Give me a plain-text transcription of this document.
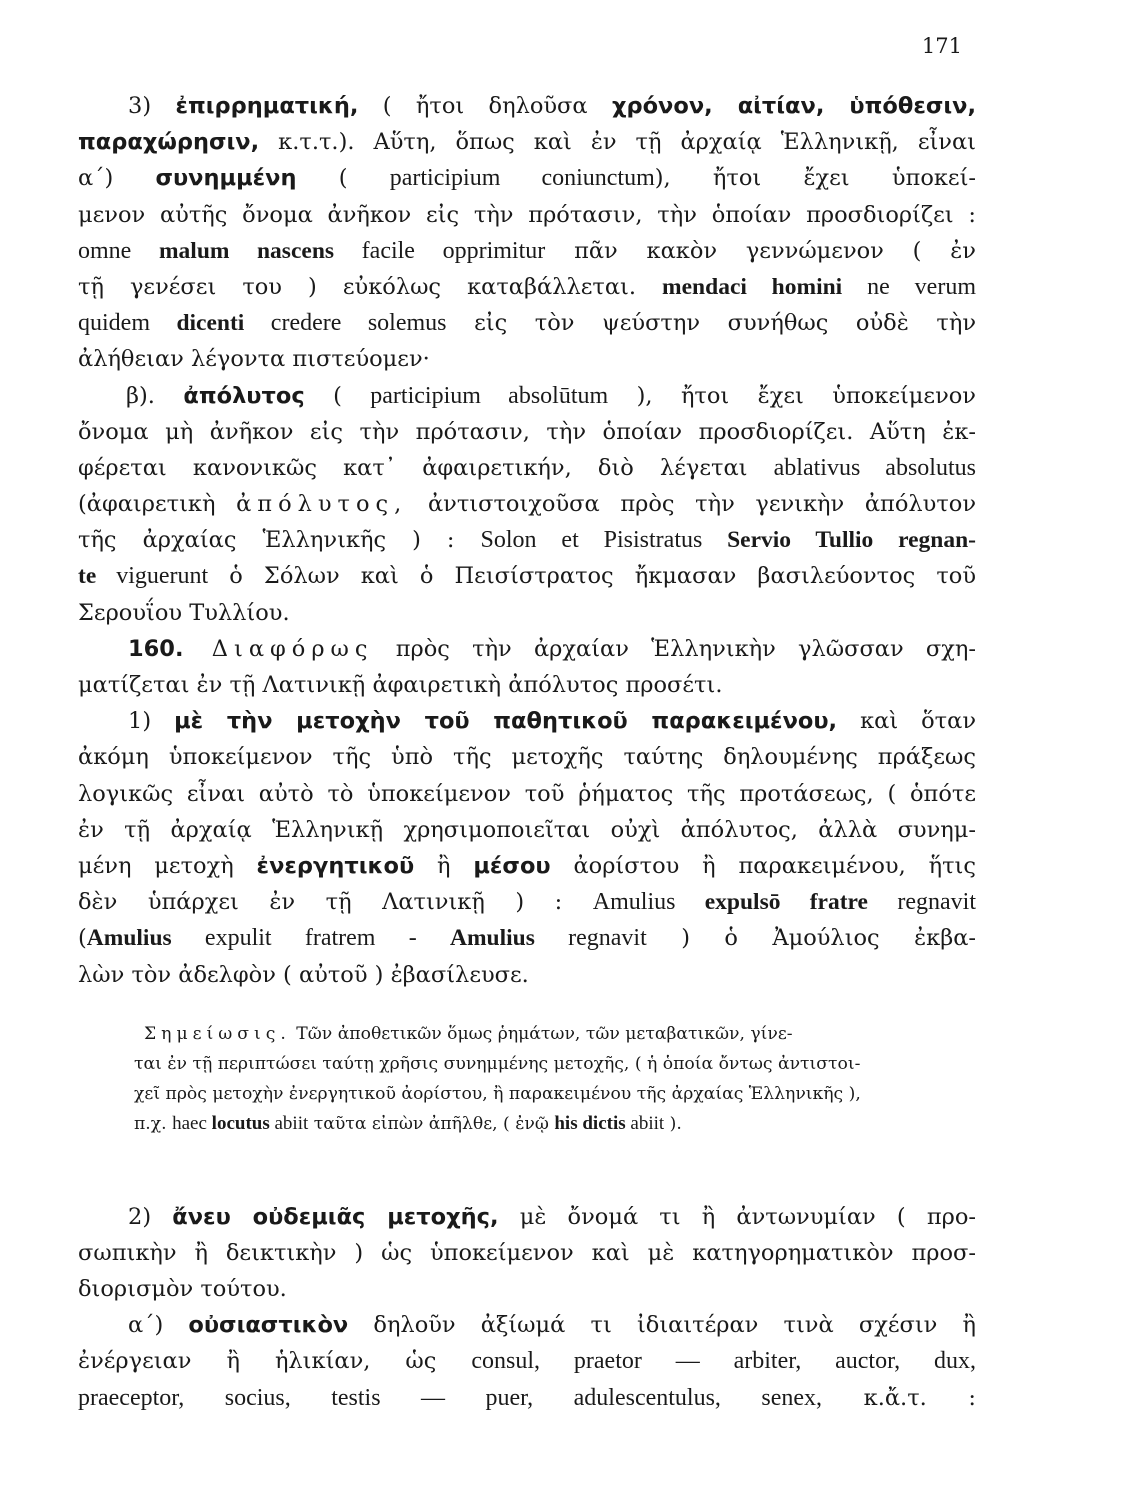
171
3) ἐπιρρηματική, ( ἤτοι δηλοῦσα χρόνον, αἰτίαν, ὑπόθεσιν,
παραχώρησιν, κ.τ.τ.). Αὕτη, ὅπως καὶ ἐν τῇ ἀρχαίᾳ Ἑλληνικῇ, εἶναι
α΄) συνημμένη ( participium coniunctum), ἤτοι ἔχει ὑποκεί-
μενον αὐτῆς ὄνομα ἀνῆκον εἰς τὴν πρότασιν, τὴν ὁποίαν προσδιορίζει :
omne malum nascens facile opprimitur πᾶν κακὸν γεννώμενον ( ἐν
τῇ γενέσει του ) εὐκόλως καταβάλλεται. mendaci homini ne verum
quidem dicenti credere solemus εἰς τὸν ψεύστην συνήθως οὐδὲ τὴν
ἀλήθειαν λέγοντα πιστεύομεν·
β). ἀπόλυτος ( participium absolūtum ), ἤτοι ἔχει ὑποκείμενον
ὄνομα μὴ ἀνῆκον εἰς τὴν πρότασιν, τὴν ὁποίαν προσδιορίζει. Αὕτη ἐκ-
φέρεται κανονικῶς κατ᾽ ἀφαιρετικήν, διὸ λέγεται ablativus absolutus
(ἀφαιρετικὴ ἀπόλυτος, ἀντιστοιχοῦσα πρὸς τὴν γενικὴν ἀπόλυτον
τῆς ἀρχαίας Ἑλληνικῆς ) : Solon et Pisistratus Servio Tullio regnan-
te viguerunt ὁ Σόλων καὶ ὁ Πεισίστρατος ἤκμασαν βασιλεύοντος τοῦ
Σερουΐου Τυλλίου.
160. Διαφόρως πρὸς τὴν ἀρχαίαν Ἑλληνικὴν γλῶσσαν σχη-
ματίζεται ἐν τῇ Λατινικῇ ἀφαιρετικὴ ἀπόλυτος προσέτι.
1) μὲ τὴν μετοχὴν τοῦ παθητικοῦ παρακειμένου, καὶ ὅταν
ἀκόμη ὑποκείμενον τῆς ὑπὸ τῆς μετοχῆς ταύτης δηλουμένης πράξεως
λογικῶς εἶναι αὐτὸ τὸ ὑποκείμενον τοῦ ῥήματος τῆς προτάσεως, ( ὁπότε
ἐν τῇ ἀρχαίᾳ Ἑλληνικῇ χρησιμοποιεῖται οὐχὶ ἀπόλυτος, ἀλλὰ συνημ-
μένη μετοχὴ ἐνεργητικοῦ ἢ μέσου ἀορίστου ἢ παρακειμένου, ἥτις
δὲν ὑπάρχει ἐν τῇ Λατινικῇ ) : Amulius expulsō fratre regnavit
(Amulius expulit fratrem - Amulius regnavit ) ὁ Ἀμούλιος ἐκβα-
λὼν τὸν ἀδελφὸν ( αὐτοῦ ) ἐβασίλευσε.
Σημείωσις. Τῶν ἀποθετικῶν ὅμως ῥημάτων, τῶν μεταβατικῶν, γίνε-
ται ἐν τῇ περιπτώσει ταύτῃ χρῆσις συνημμένης μετοχῆς, ( ἡ ὁποία ὄντως ἀντιστοι-
χεῖ πρὸς μετοχὴν ἐνεργητικοῦ ἀορίστου, ἢ παρακειμένου τῆς ἀρχαίας Ἑλληνικῆς ),
π.χ. haec locutus abiit ταῦτα εἰπὼν ἀπῆλθε, ( ἐνῷ his dictis abiit ).
2) ἄνευ οὐδεμιᾶς μετοχῆς, μὲ ὄνομά τι ἢ ἀντωνυμίαν ( προ-
σωπικὴν ἢ δεικτικὴν ) ὡς ὑποκείμενον καὶ μὲ κατηγορηματικὸν προσ-
διορισμὸν τούτου.
α΄) οὐσιαστικὸν δηλοῦν ἀξίωμά τι ἰδιαιτέραν τινὰ σχέσιν ἢ
ἐνέργειαν ἢ ἡλικίαν, ὡς consul, praetor — arbiter, auctor, dux,
praeceptor, socius, testis — puer, adulescentulus, senex, κ.ἄ.τ. :
